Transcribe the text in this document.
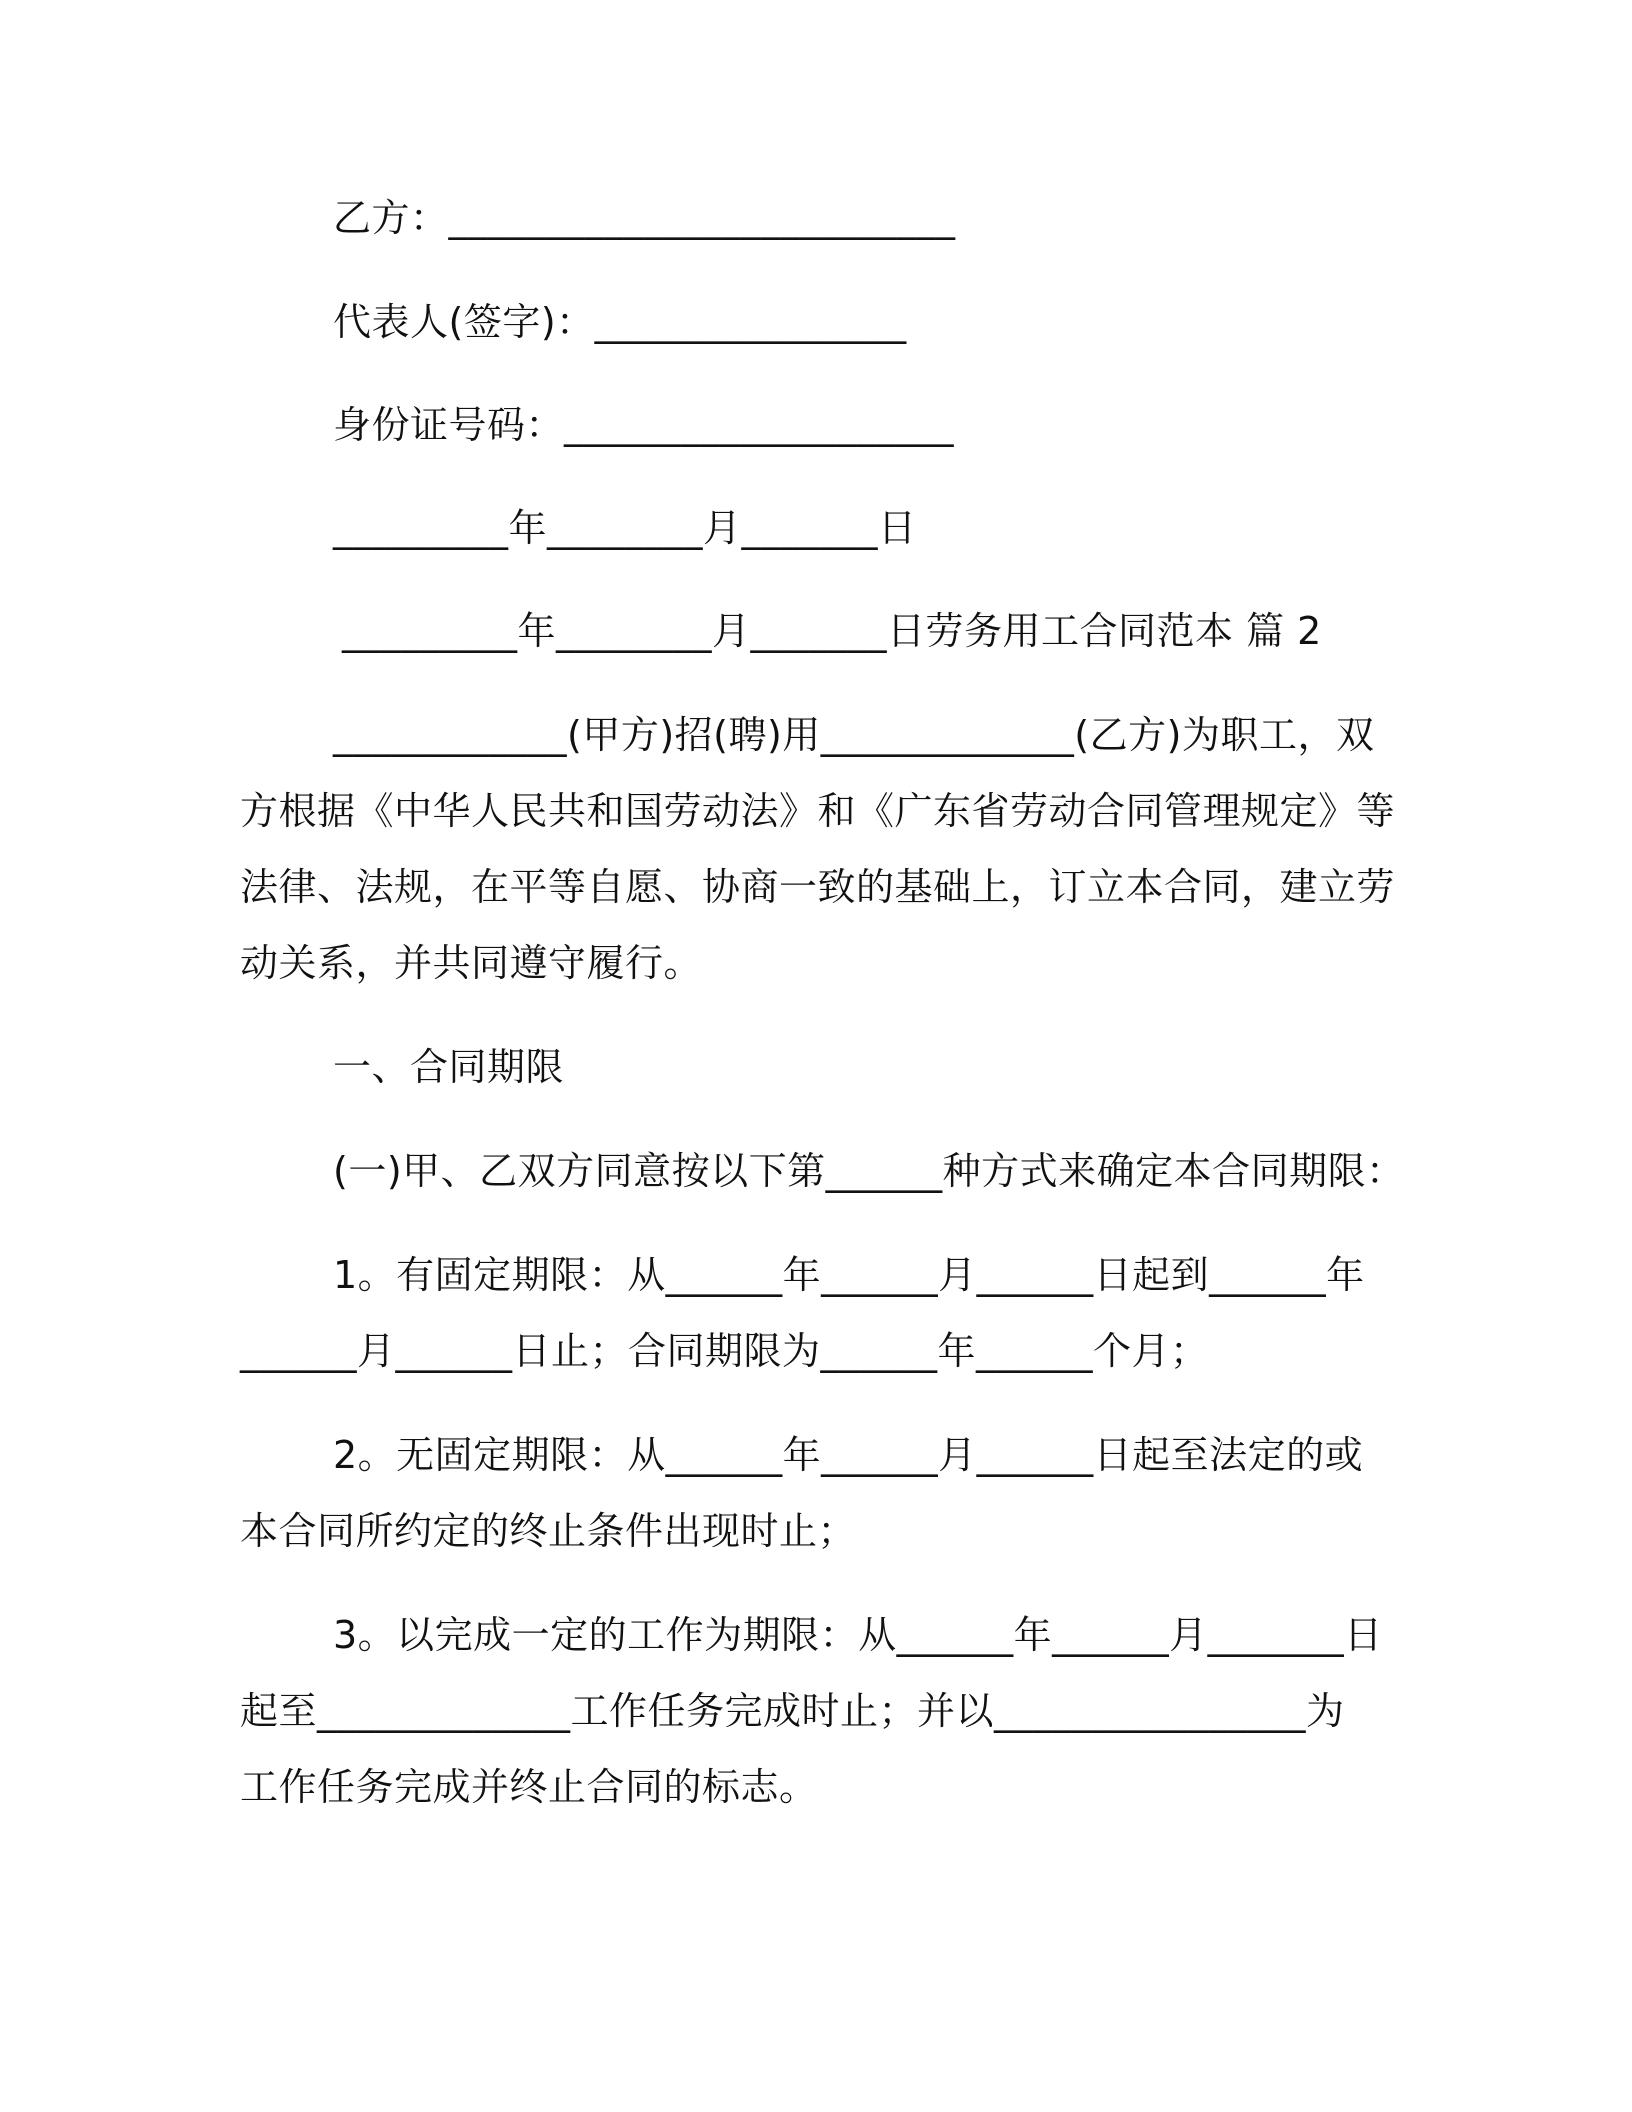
乙方：__________________________
代表人(签字)：________________
身份证号码：____________________
_________年________月_______日
_________年________月_______日劳务用工合同范本 篇 2
____________(甲方)招(聘)用_____________(乙方)为职工，双
方根据《中华人民共和国劳动法》和《广东省劳动合同管理规定》等
法律、法规，在平等自愿、协商一致的基础上，订立本合同，建立劳
动关系，并共同遵守履行。
一、合同期限
(一)甲、乙双方同意按以下第______种方式来确定本合同期限：
1。有固定期限：从______年______月______日起到______年
______月______日止；合同期限为______年______个月；
2。无固定期限：从______年______月______日起至法定的或
本合同所约定的终止条件出现时止；
3。以完成一定的工作为期限：从______年______月_______日
起至_____________工作任务完成时止；并以________________为
工作任务完成并终止合同的标志。
